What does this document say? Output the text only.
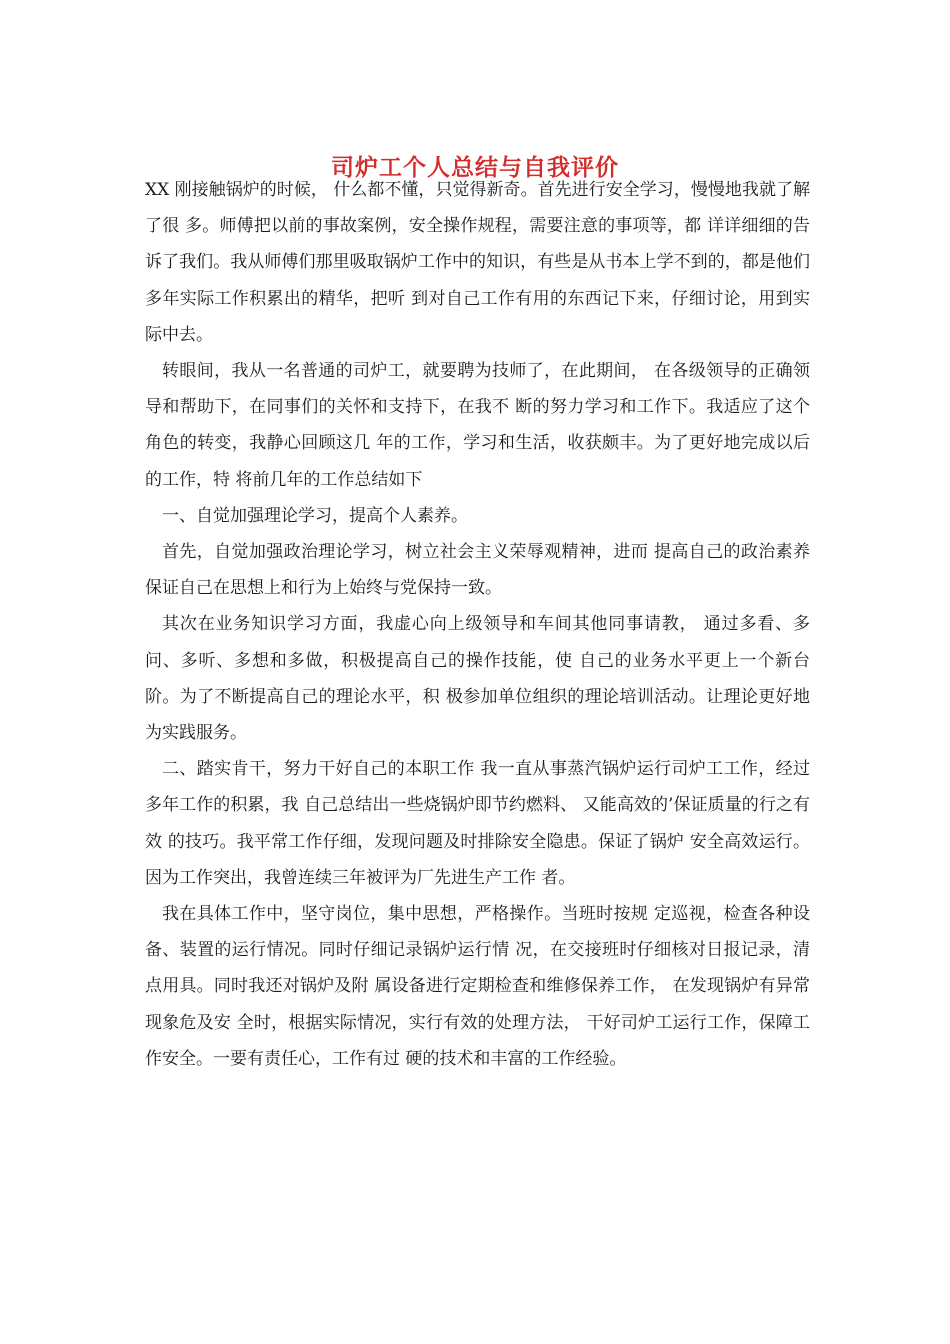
司炉工个人总结与自我评价

XX 刚接触锅炉的时候， 什么都不懂，只觉得新奇。首先进行安全学习，慢慢地我就了解了很 多。师傅把以前的事故案例，安全操作规程，需要注意的事项等，都 详详细细的告诉了我们。我从师傅们那里吸取锅炉工作中的知识，有些是从书本上学不到的，都是他们多年实际工作积累出的精华，把听 到对自己工作有用的东西记下来，仔细讨论，用到实际中去。

转眼间，我从一名普通的司炉工，就要聘为技师了，在此期间， 在各级领导的正确领导和帮助下，在同事们的关怀和支持下，在我不 断的努力学习和工作下。我适应了这个角色的转变，我静心回顾这几 年的工作，学习和生活，收获颇丰。为了更好地完成以后的工作，特 将前几年的工作总结如下

一、自觉加强理论学习，提高个人素养。

首先，自觉加强政治理论学习，树立社会主义荣辱观精神，进而 提高自己的政治素养保证自己在思想上和行为上始终与党保持一致。

其次在业务知识学习方面，我虚心向上级领导和车间其他同事请教， 通过多看、多问、多听、多想和多做，积极提高自己的操作技能，使 自己的业务水平更上一个新台阶。为了不断提高自己的理论水平，积 极参加单位组织的理论培训活动。让理论更好地为实践服务。

二、踏实肯干，努力干好自己的本职工作 我一直从事蒸汽锅炉运行司炉工工作，经过多年工作的积累，我 自己总结出一些烧锅炉即节约燃料、 又能高效的’保证质量的行之有效 的技巧。我平常工作仔细，发现问题及时排除安全隐患。保证了锅炉 安全高效运行。因为工作突出，我曾连续三年被评为厂先进生产工作 者。

我在具体工作中，坚守岗位，集中思想，严格操作。当班时按规 定巡视，检查各种设备、装置的运行情况。同时仔细记录锅炉运行情 况，在交接班时仔细核对日报记录，清点用具。同时我还对锅炉及附 属设备进行定期检查和维修保养工作， 在发现锅炉有异常现象危及安 全时，根据实际情况，实行有效的处理方法， 干好司炉工运行工作，保障工作安全。一要有责任心，工作有过 硬的技术和丰富的工作经验。
